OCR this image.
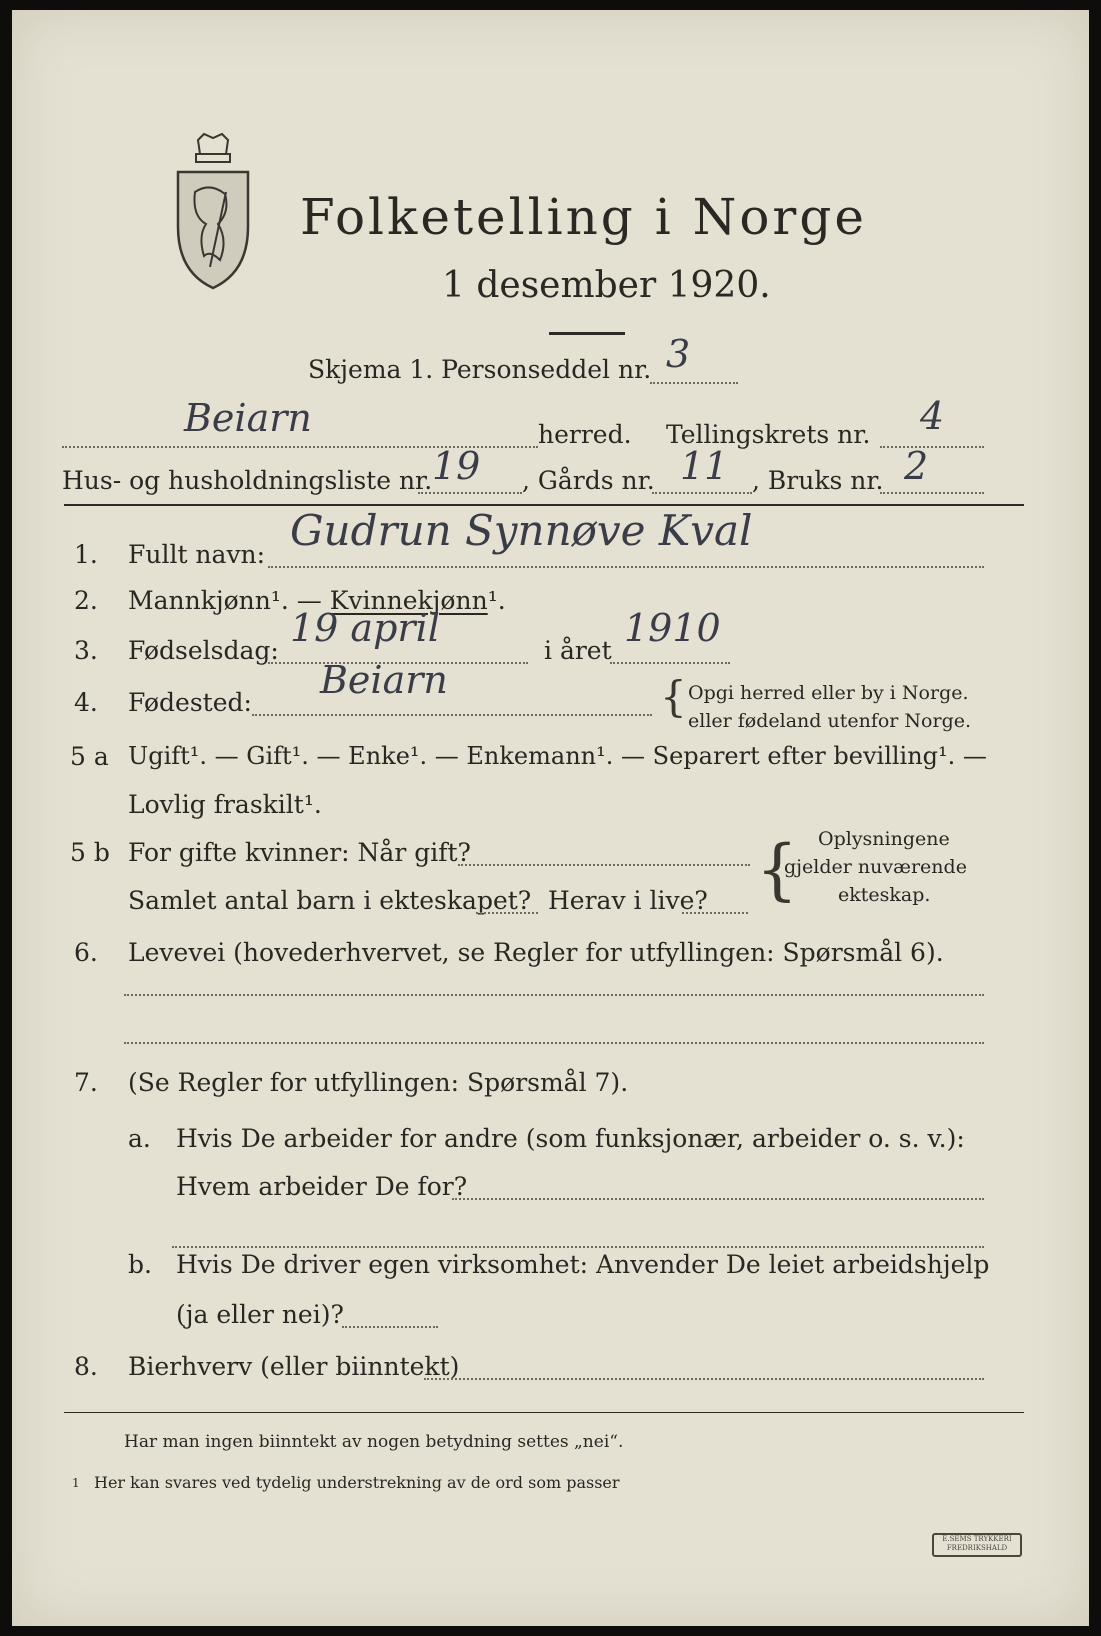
Folketelling i Norge
1 desember 1920.
Skjema 1. Personseddel nr. 3
Beiarn	herred. Tellingskrets nr. 4
Hus- og husholdningsliste nr. 19 , Gårds nr. 11 , Bruks nr. 2
1. Fullt navn: Gudrun Synnøve Kval
2. Mannkjønn¹. — Kvinnekjønn¹.
3. Fødselsdag:
19 april
i året
1910
4. Fødested:
Beiarn	{ Opgi herred eller by i Norge.
eller fødeland utenfor Norge.
5 a Ugift¹. — Gift¹. — Enke¹. — Enkemann¹. — Separert efter bevilling¹. —
Lovlig fraskilt¹.
5 b For gifte kvinner: Når gift?
Samlet antal barn i ekteskapet? Herav i live? { Oplysningene
gjelder nuværende
ekteskap.
6. Levevei (hovederhvervet, se Regler for utfyllingen: Spørsmål 6).
7. (Se Regler for utfyllingen: Spørsmål 7).
a. Hvis De arbeider for andre (som funksjonær, arbeider o. s. v.):
Hvem arbeider De for?
b. Hvis De driver egen virksomhet: Anvender De leiet arbeidshjelp
(ja eller nei)?
8. Bierhverv (eller biinntekt)
Har man ingen biinntekt av nogen betydning settes „nei“.
1 Her kan svares ved tydelig understrekning av de ord som passer
E.SEMS TRYKKERI FREDRIKSHALD
